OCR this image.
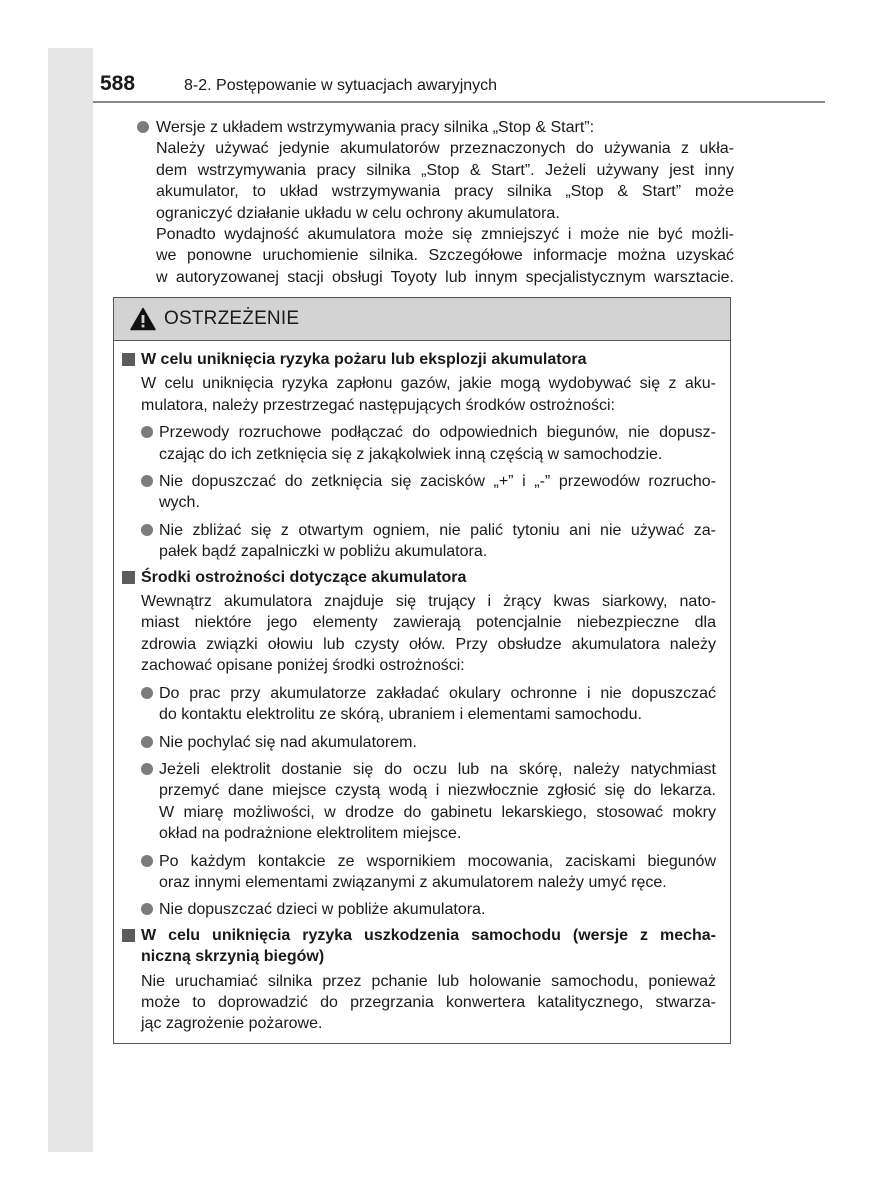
588	8-2. Postępowanie w sytuacjach awaryjnych
Wersje z układem wstrzymywania pracy silnika „Stop & Start”:
Należy używać jedynie akumulatorów przeznaczonych do używania z ukła-
dem wstrzymywania pracy silnika „Stop & Start”. Jeżeli używany jest inny
akumulator, to układ wstrzymywania pracy silnika „Stop & Start” może
ograniczyć działanie układu w celu ochrony akumulatora.
Ponadto wydajność akumulatora może się zmniejszyć i może nie być możli-
we ponowne uruchomienie silnika. Szczegółowe informacje można uzyskać
w autoryzowanej stacji obsługi Toyoty lub innym specjalistycznym warsztacie.
OSTRZEŻENIE
W celu uniknięcia ryzyka pożaru lub eksplozji akumulatora
W celu uniknięcia ryzyka zapłonu gazów, jakie mogą wydobywać się z aku-
mulatora, należy przestrzegać następujących środków ostrożności:
Przewody rozruchowe podłączać do odpowiednich biegunów, nie dopusz-
czając do ich zetknięcia się z jakąkolwiek inną częścią w samochodzie.
Nie dopuszczać do zetknięcia się zacisków „+” i „-” przewodów rozrucho-
wych.
Nie zbliżać się z otwartym ogniem, nie palić tytoniu ani nie używać za-
pałek bądź zapalniczki w pobliżu akumulatora.
Środki ostrożności dotyczące akumulatora
Wewnątrz akumulatora znajduje się trujący i żrący kwas siarkowy, nato-
miast niektóre jego elementy zawierają potencjalnie niebezpieczne dla
zdrowia związki ołowiu lub czysty ołów. Przy obsłudze akumulatora należy
zachować opisane poniżej środki ostrożności:
Do prac przy akumulatorze zakładać okulary ochronne i nie dopuszczać
do kontaktu elektrolitu ze skórą, ubraniem i elementami samochodu.
Nie pochylać się nad akumulatorem.
Jeżeli elektrolit dostanie się do oczu lub na skórę, należy natychmiast
przemyć dane miejsce czystą wodą i niezwłocznie zgłosić się do lekarza.
W miarę możliwości, w drodze do gabinetu lekarskiego, stosować mokry
okład na podrażnione elektrolitem miejsce.
Po każdym kontakcie ze wspornikiem mocowania, zaciskami biegunów
oraz innymi elementami związanymi z akumulatorem należy umyć ręce.
Nie dopuszczać dzieci w pobliże akumulatora.
W celu uniknięcia ryzyka uszkodzenia samochodu (wersje z mecha-
niczną skrzynią biegów)
Nie uruchamiać silnika przez pchanie lub holowanie samochodu, ponieważ
może to doprowadzić do przegrzania konwertera katalitycznego, stwarza-
jąc zagrożenie pożarowe.
